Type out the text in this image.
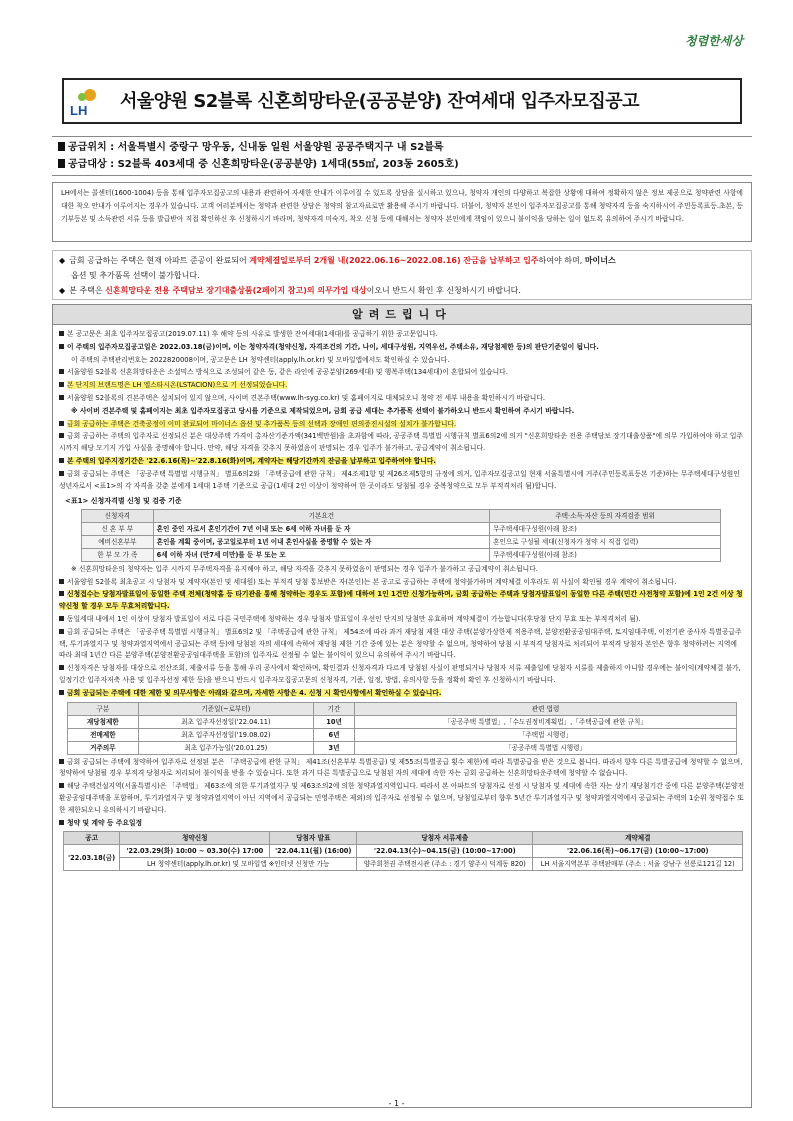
청렴한세상
LH 서울양원 S2블록 신혼희망타운(공공분양) 잔여세대 입주자모집공고
공급위치 : 서울특별시 중랑구 망우동, 신내동 일원 서울양원 공공주택지구 내 S2블록
공급대상 : S2블록 403세대 중 신혼희망타운(공공분양) 1세대(55㎡, 203동 2605호)
LH에서는 콜센터(1600-1004) 등을 통해 입주자모집공고의 내용과 관련하여 자세한 안내가 이루어질 수 있도록 상담을 실시하고 있으나, 청약자 개인의 다양하고 복잡한 상황에 대하여 정확하지 않은 정보 제공으로 청약관련 사항에 대한 착오 안내가 이루어지는 경우가 있습니다. 고객 여러분께서는 청약과 관련한 상담은 청약의 참고자료로만 활용해 주시기 바랍니다. 더불어, 청약자 본인이 입주자모집공고를 통해 청약자격 등을 숙지하시어 주민등록표등.초본, 등기부등본 및 소득관련 서류 등을 발급받아 직접 확인하신 후 신청하시기 바라며, 청약자격 미숙지, 착오 신청 등에 대해서는 청약자 본인에게 책임이 있으니 불이익을 당하는 일이 없도록 유의하여 주시기 바랍니다.
◆ 금회 공급하는 주택은 현재 아파트 준공이 완료되어 계약체결일로부터 2개월 내(2022.06.16~2022.08.16) 잔금을 납부하고 입주하여야 하며, 마이너스
옵션 및 추가품목 선택이 불가합니다.
◆ 본 주택은 신혼희망타운 전용 주택담보 장기대출상품(2페이지 참고)의 의무가입 대상이오니 반드시 확인 후 신청하시기 바랍니다.
알려드립니다
본 공고문은 최초 입주자모집공고(2019.07.11) 후 해약 등의 사유로 발생한 잔여세대(1세대)를 공급하기 위한 공고문입니다.
이 주택의 입주자모집공고일은 2022.03.18(금)이며, 이는 청약자격(청약신청, 자격조건의 기간, 나이, 세대구성원, 지역우선, 주택소유, 재당첨제한 등)의 판단기준일이 됩니다.
이 주택의 주택관리번호는 2022820008이며, 공고문은 LH 청약센터(apply.lh.or.kr) 및 모바일앱에서도 확인하실 수 있습니다.
서울양원 S2블록 신혼희망타운은 소셜믹스 방식으로 조성되어 같은 동, 같은 라인에 공공분양(269세대) 및 행복주택(134세대)이 혼합되어 있습니다.
본 단지의 브랜드명은 LH 엘스타시온(LSTACION)으로 기 선정되었습니다.
서울양원 S2블록의 견본주택은 설치되어 있지 않으며, 사이버 견본주택(www.lh-syg.co.kr) 및 홈페이지로 대체되오니 청약 전 세부 내용을 확인하시기 바랍니다.
※ 사이버 견본주택 및 홈페이지는 최초 입주자모집공고 당시를 기준으로 제작되었으며, 금회 공급 세대는 추가품목 선택이 불가하오니 반드시 확인하여 주시기 바랍니다.
금회 공급하는 주택은 건축공정이 이미 완료되어 마이너스 옵션 및 추가품목 등의 선택과 장애인 편의증진시설의 설치가 불가합니다.
금회 공급하는 주택의 입주자로 선정되신 분은 대상주택 가격이 총자산기준가액(341백만원)을 초과함에 따라, 공공주택 특별법 시행규칙 별표6의2에 의거 "신혼희망타운 전용 주택담보 장기대출상품"에 의무 가입하여야 하고 입주시까지 해당 모기지 가입 사실을 증명해야 합니다. 만약, 해당 자격을 갖추지 못하였음이 판명되는 경우 입주가 불가하고, 공급계약이 취소됩니다.
본 주택의 입주지정기간은 '22.6.16(목)~'22.8.16(화)이며, 계약자는 해당기간까지 잔금을 납부하고 입주하여야 합니다.
금회 공급되는 주택은 「공공주택 특별법 시행규칙」 별표6의2와 「주택공급에 관한 규칙」 제4조제1항 및 제26조제5항의 규정에 의거, 입주자모집공고일 현재 서울특별시에 거주(주민등록표등본 기준)하는 무주택세대구성원인 성년자로서 <표1>의 각 자격을 갖춘 분에게 1세대 1주택 기준으로 공급(1세대 2인 이상이 청약하여 한 곳이라도 당첨될 경우 중복청약으로 모두 부적격처리 됨)합니다.
<표1> 신청자격별 신청 및 검증 기준
신청자격	기본요건	주택·소득·자산 등의 자격검증 범위
신 혼 부 부	혼인 중인 자로서 혼인기간이 7년 이내 또는 6세 이하 자녀를 둔 자	무주택세대구성원(아래 참조)
예비신혼부부	혼인을 계획 중이며, 공고일로부터 1년 이내 혼인사실을 증명할 수 있는 자	혼인으로 구성될 세대(신청자가 청약 시 직접 입력)
한 부 모 가 족	6세 이하 자녀 (만7세 미만)를 둔 부 또는 모	무주택세대구성원(아래 참조)
※ 신혼희망타운의 청약자는 입주 시까지 무주택자격을 유지해야 하고, 해당 자격을 갖추지 못하였음이 판명되는 경우 입주가 불가하고 공급계약이 취소됩니다.
서울양원 S2블록 최초공고 시 당첨자 및 계약자(본인 및 세대원) 또는 부적격 당첨 통보받은 자(본인)는 본 공고로 공급하는 주택에 청약불가하며 계약체결 이후라도 위 사실이 확인될 경우 계약이 취소됩니다.
신청접수는 당첨자발표일이 동일한 주택 전체(청약홈 등 타기관을 통해 청약하는 경우도 포함)에 대하여 1인 1건만 신청가능하며, 금회 공급하는 주택과 당첨자발표일이 동일한 다른 주택(민간 사전청약 포함)에 1인 2건 이상 청약신청 할 경우 모두 무효처리합니다.
동일세대 내에서 1인 이상이 당첨자 발표일이 서로 다른 국민주택에 청약하는 경우 당첨자 발표일이 우선인 단지의 당첨만 유효하며 계약체결이 가능합니다(후당첨 단지 무효 또는 부적격처리 됨).
금회 공급되는 주택은 「공공주택 특별법 시행규칙」 별표6의2 및 「주택공급에 관한 규칙」 제54조에 따라 과거 재당첨 제한 대상 주택(분양가상한제 적용주택, 분양전환공공임대주택, 토지임대주택, 이전기관 종사자 특별공급주택, 투기과열지구 및 청약과열지역에서 공급되는 주택 등)에 당첨된 자의 세대에 속하여 재당첨 제한 기간 중에 있는 분은 청약할 수 없으며, 청약하여 당첨 시 부적격 당첨자로 처리되어 부적격 당첨자 본인은 향후 청약하려는 지역에 따라 최대 1년간 다른 분양주택(분양전환공공임대주택을 포함)의 입주자로 선정될 수 없는 불이익이 있으니 유의하여 주시기 바랍니다.
신청자격은 당첨자를 대상으로 전산조회, 제출서류 등을 통해 우리 공사에서 확인하며, 확인결과 신청자격과 다르게 당첨된 사실이 판명되거나 당첨자 서류 제출일에 당첨자 서류를 제출하지 아니할 경우에는 불이익(계약체결 불가, 일정기간 입주자저축 사용 및 입주자선정 제한 등)을 받으니 반드시 입주자모집공고문의 신청자격, 기준, 일정, 방법, 유의사항 등을 정확히 확인 후 신청하시기 바랍니다.
금회 공급되는 주택에 대한 제한 및 의무사항은 아래와 같으며, 자세한 사항은 4. 신청 시 확인사항에서 확인하실 수 있습니다.
구분	기준일(~로부터)	기간	관련 법령
재당첨제한	최초 입주자선정일('22.04.11)	10년	「공공주택 특별법」,「수도권정비계획법」,「주택공급에 관한 규칙」
전매제한	최초 입주자선정일('19.08.02)	6년	「주택법 시행령」
거주의무	최초 입주가능일('20.01.25)	3년	「공공주택 특별법 시행령」
금회 공급되는 주택에 청약하여 입주자로 선정된 분은 「주택공급에 관한 규칙」 제41조(신혼부부 특별공급) 및 제55조(특별공급 횟수 제한)에 따라 특별공급을 받은 것으로 봅니다. 따라서 향후 다른 특별공급에 청약할 수 없으며, 청약하여 당첨될 경우 부적격 당첨자로 처리되어 불이익을 받을 수 있습니다. 또한 과거 다른 특별공급으로 당첨된 자의 세대에 속한 자는 금회 공급하는 신혼희망타운주택에 청약할 수 없습니다.
해당 주택건설지역(서울특별시)은 「주택법」 제63조에 의한 투기과열지구 및 제63조의2에 의한 청약과열지역입니다. 따라서 본 아파트의 당첨자로 선정 시 당첨자 및 세대에 속한 자는 상기 재당첨기간 중에 다른 분양주택(분양전환공공임대주택을 포함하며, 투기과열지구 및 청약과열지역이 아닌 지역에서 공급되는 민영주택은 제외)의 입주자로 선정될 수 없으며, 당첨일로부터 향후 5년간 투기과열지구 및 청약과열지역에서 공급되는 주택의 1순위 청약접수 또한 제한되오니 유의하시기 바랍니다.
청약 및 계약 등 주요일정
공고	청약신청	당첨자 발표	당첨자 서류제출	계약체결
'22.03.18(금)	'22.03.29(화) 10:00 ~ 03.30(수) 17:00	'22.04.11(월) (16:00)	'22.04.13(수)~04.15(금) (10:00~17:00)	'22.06.16(목)~06.17(금) (10:00~17:00)
	LH 청약센터(apply.lh.or.kr) 및 모바일앱 ※인터넷 신청만 가능		양주회천권 주택전시관 (주소 : 경기 양주시 덕계동 820)	LH 서울지역본부 주택판매부 (주소 : 서울 강남구 선릉로121길 12)
- 1 -
